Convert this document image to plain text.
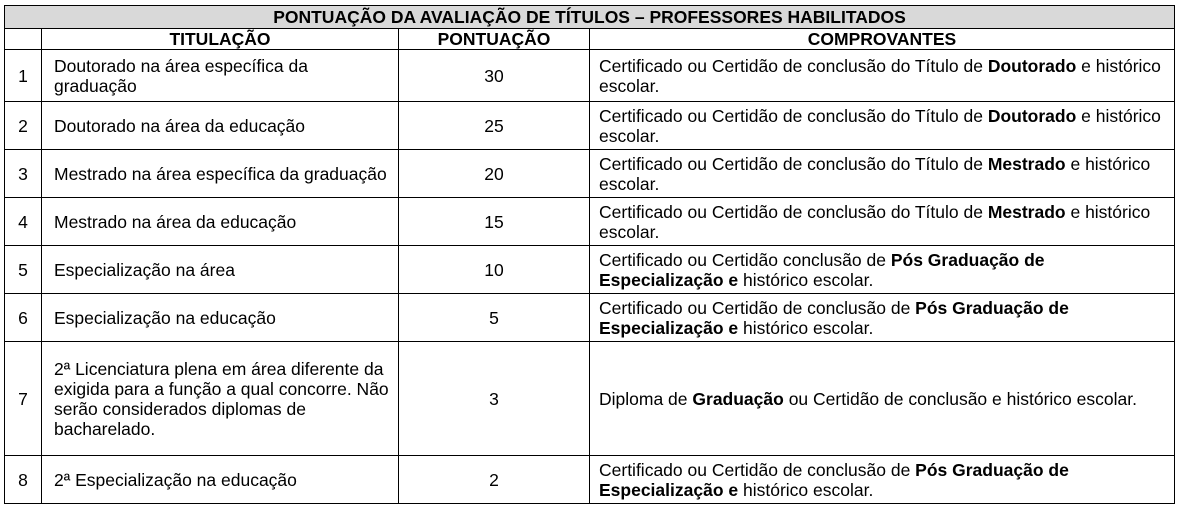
PONTUAÇÃO DA AVALIAÇÃO DE TÍTULOS – PROFESSORES HABILITADOS			
	TITULAÇÃO	PONTUAÇÃO	COMPROVANTES
1	Doutorado na área específica da graduação	30	Certificado ou Certidão de conclusão do Título de Doutorado e histórico escolar.
2	Doutorado na área da educação	25	Certificado ou Certidão de conclusão do Título de Doutorado e histórico escolar.
3	Mestrado na área específica da graduação	20	Certificado ou Certidão de conclusão do Título de Mestrado e histórico escolar.
4	Mestrado na área da educação	15	Certificado ou Certidão de conclusão do Título de Mestrado e histórico escolar.
5	Especialização na área	10	Certificado ou Certidão conclusão de Pós Graduação de Especialização e histórico escolar.
6	Especialização na educação	5	Certificado ou Certidão de conclusão de Pós Graduação de Especialização e histórico escolar.
7	2ª Licenciatura plena em área diferente da exigida para a função a qual concorre. Não serão considerados diplomas de bacharelado.	3	Diploma de Graduação ou Certidão de conclusão e histórico escolar.
8	2ª Especialização na educação	2	Certificado ou Certidão de conclusão de Pós Graduação de Especialização e histórico escolar.
